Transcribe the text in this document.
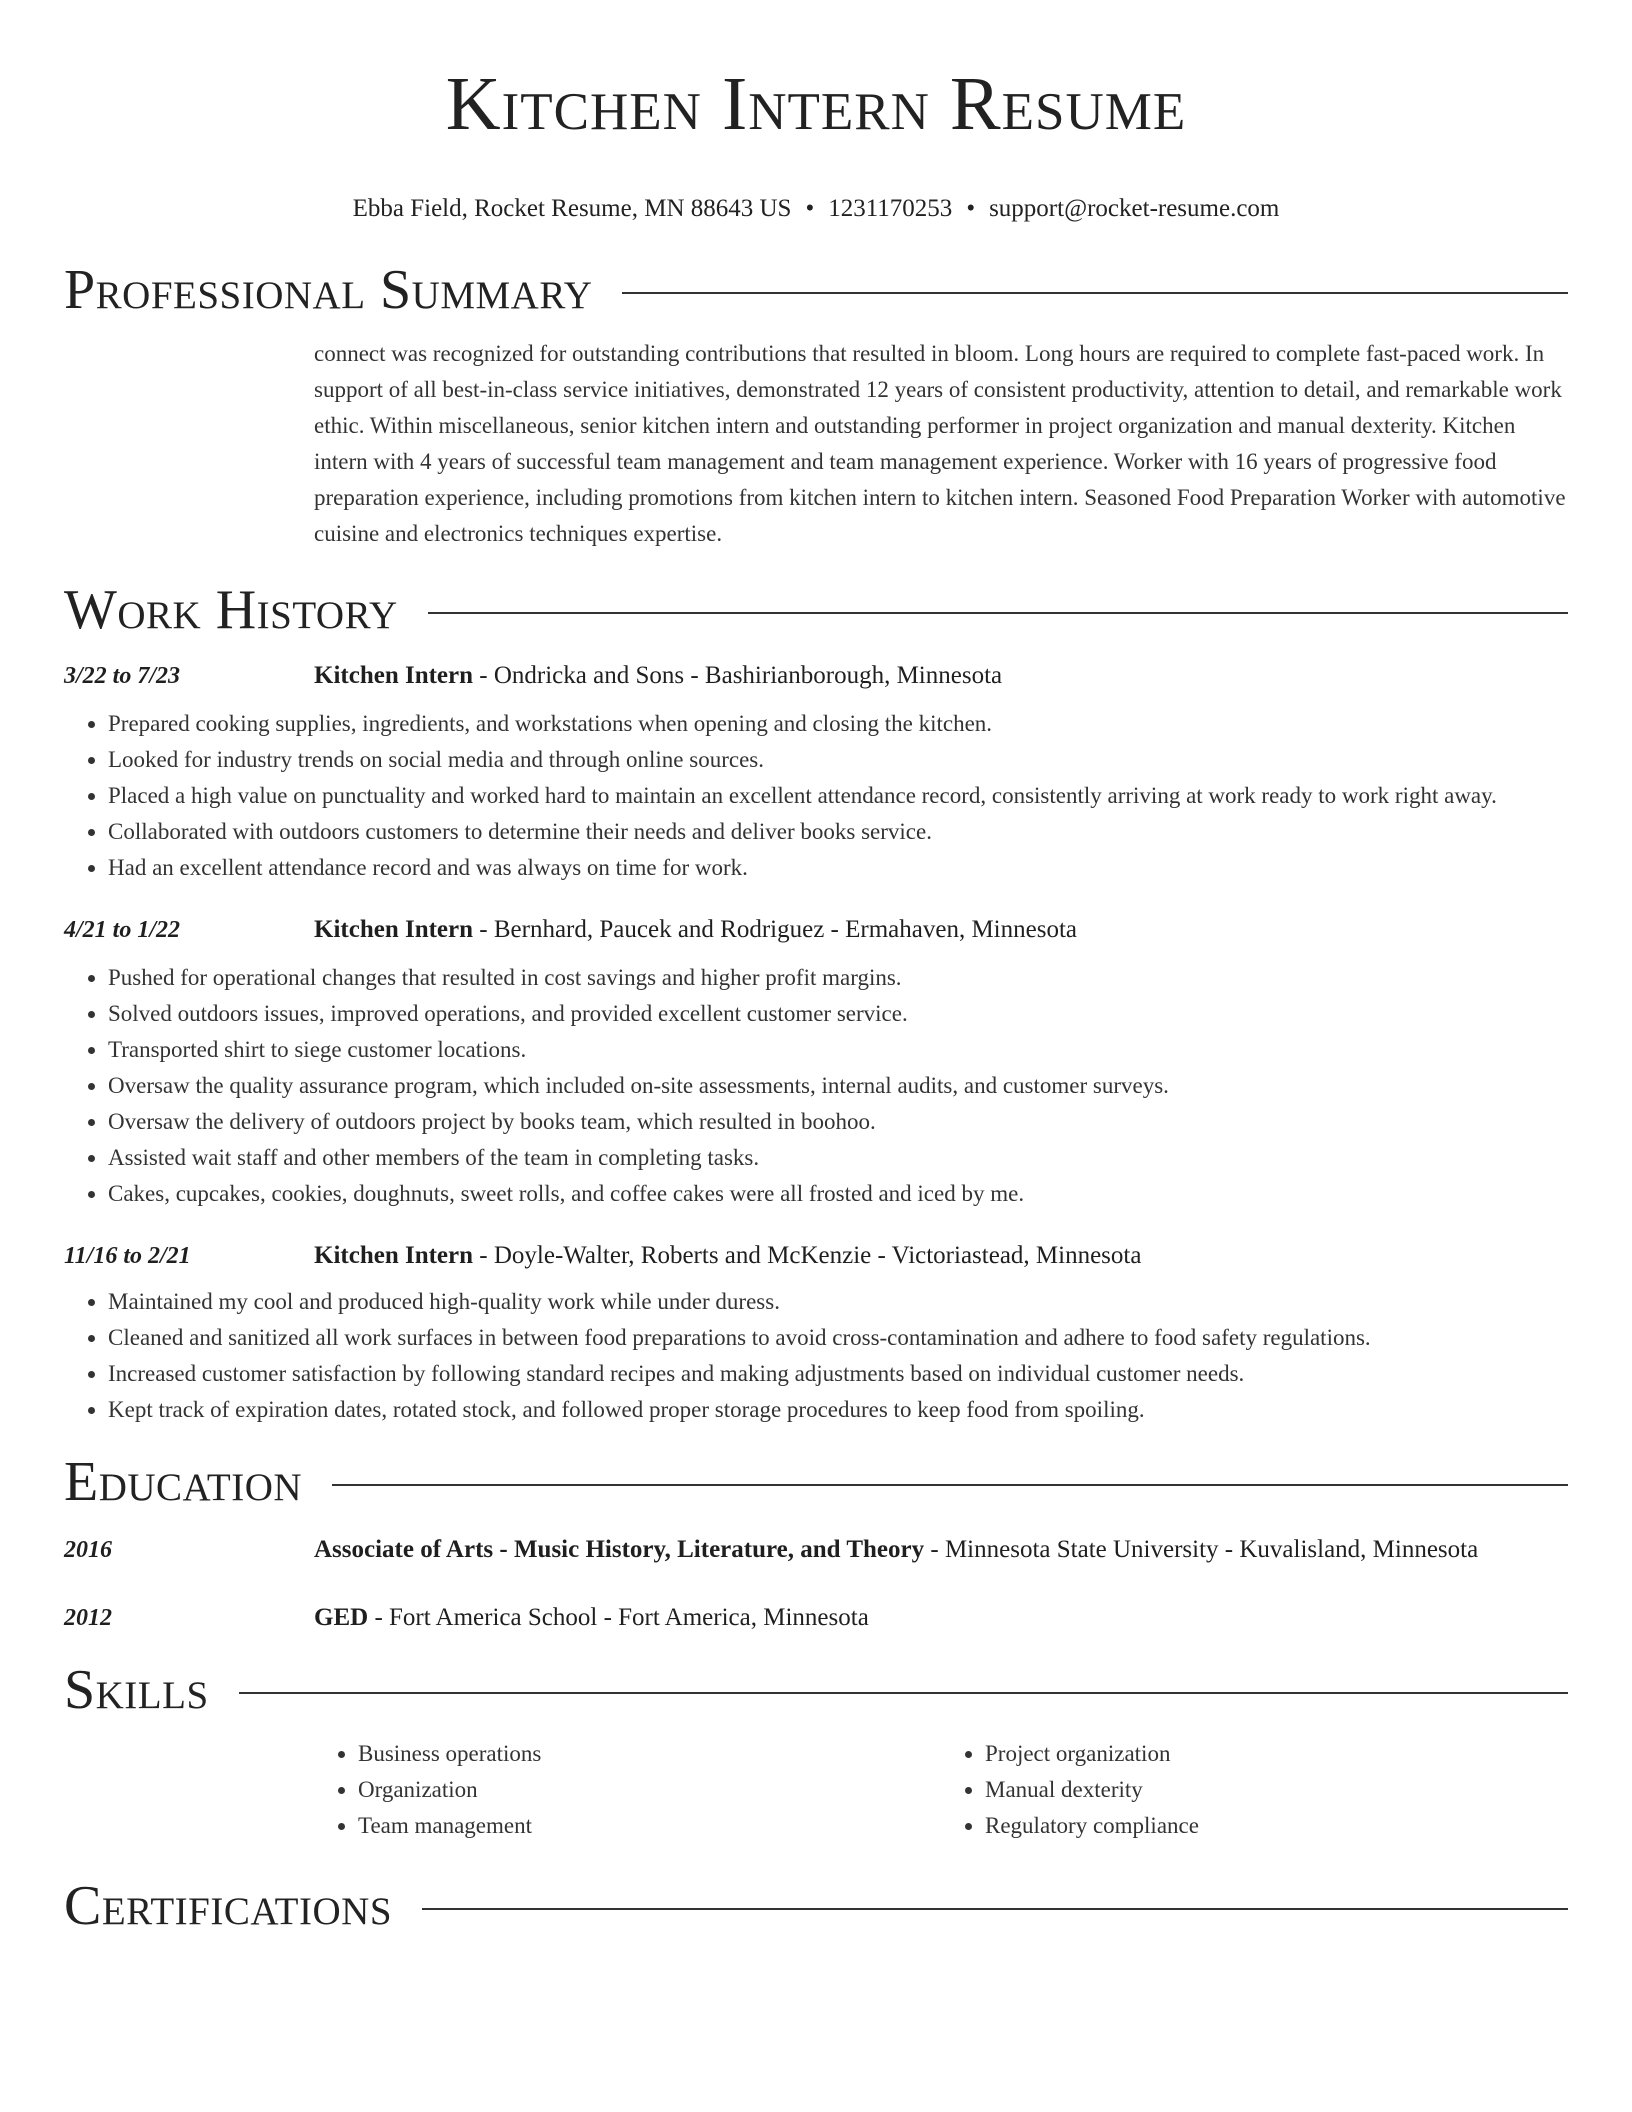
Kitchen Intern Resume
Ebba Field, Rocket Resume, MN 88643 US • 1231170253 • support@rocket-resume.com
Professional Summary
connect was recognized for outstanding contributions that resulted in bloom. Long hours are required to complete fast-paced work. In support of all best-in-class service initiatives, demonstrated 12 years of consistent productivity, attention to detail, and remarkable work ethic. Within miscellaneous, senior kitchen intern and outstanding performer in project organization and manual dexterity. Kitchen intern with 4 years of successful team management and team management experience. Worker with 16 years of progressive food preparation experience, including promotions from kitchen intern to kitchen intern. Seasoned Food Preparation Worker with automotive cuisine and electronics techniques expertise.
Work History
3/22 to 7/23	Kitchen Intern - Ondricka and Sons - Bashirianborough, Minnesota
• Prepared cooking supplies, ingredients, and workstations when opening and closing the kitchen.
• Looked for industry trends on social media and through online sources.
• Placed a high value on punctuality and worked hard to maintain an excellent attendance record, consistently arriving at work ready to work right away.
• Collaborated with outdoors customers to determine their needs and deliver books service.
• Had an excellent attendance record and was always on time for work.
4/21 to 1/22	Kitchen Intern - Bernhard, Paucek and Rodriguez - Ermahaven, Minnesota
• Pushed for operational changes that resulted in cost savings and higher profit margins.
• Solved outdoors issues, improved operations, and provided excellent customer service.
• Transported shirt to siege customer locations.
• Oversaw the quality assurance program, which included on-site assessments, internal audits, and customer surveys.
• Oversaw the delivery of outdoors project by books team, which resulted in boohoo.
• Assisted wait staff and other members of the team in completing tasks.
• Cakes, cupcakes, cookies, doughnuts, sweet rolls, and coffee cakes were all frosted and iced by me.
11/16 to 2/21	Kitchen Intern - Doyle-Walter, Roberts and McKenzie - Victoriastead, Minnesota
• Maintained my cool and produced high-quality work while under duress.
• Cleaned and sanitized all work surfaces in between food preparations to avoid cross-contamination and adhere to food safety regulations.
• Increased customer satisfaction by following standard recipes and making adjustments based on individual customer needs.
• Kept track of expiration dates, rotated stock, and followed proper storage procedures to keep food from spoiling.
Education
2016	Associate of Arts - Music History, Literature, and Theory - Minnesota State University - Kuvalisland, Minnesota
2012	GED - Fort America School - Fort America, Minnesota
Skills
• Business operations
• Organization
• Team management
• Project organization
• Manual dexterity
• Regulatory compliance
Certifications
